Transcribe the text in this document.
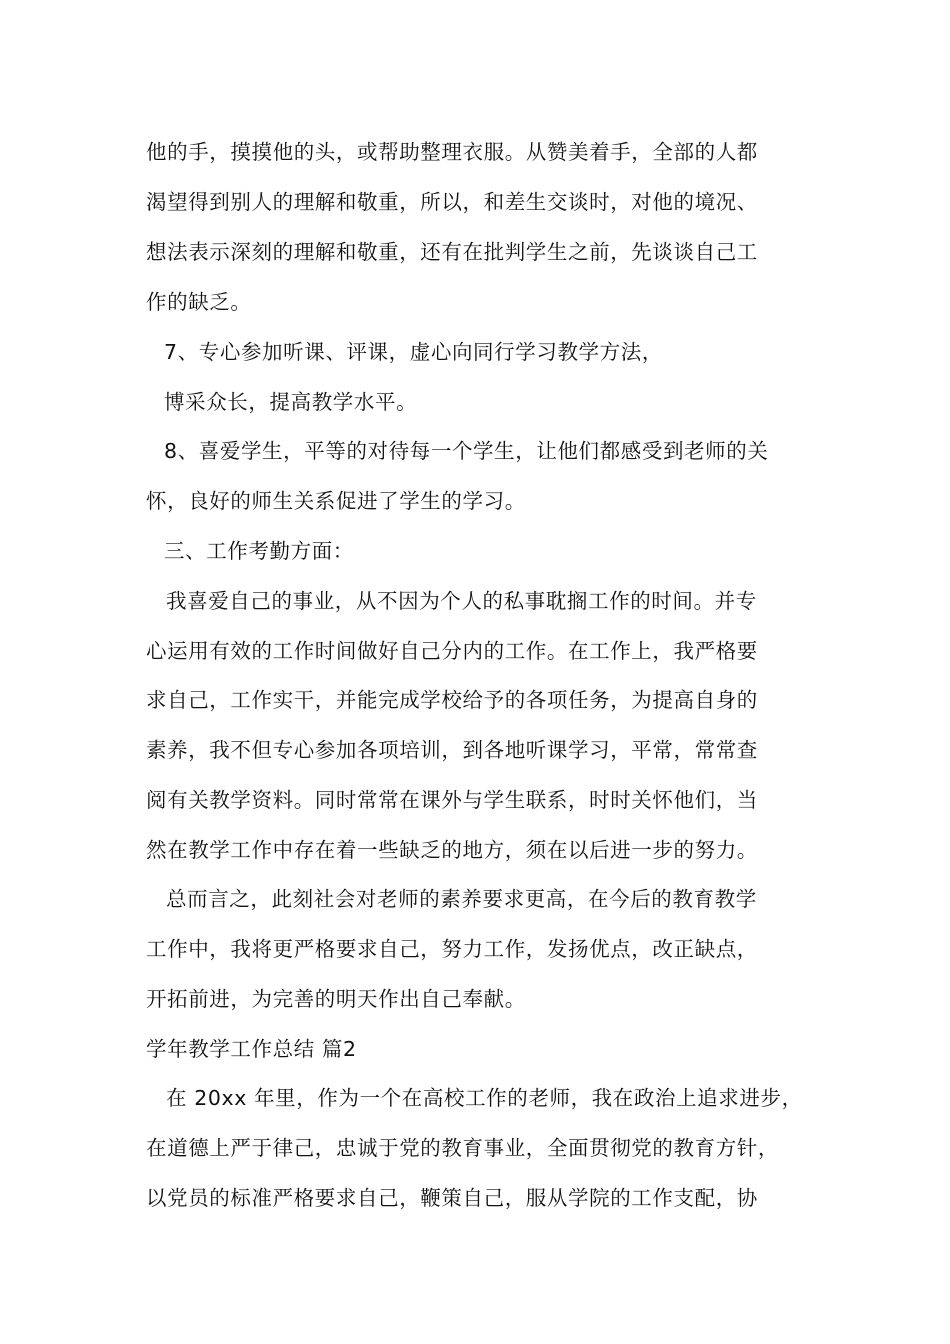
他的手，摸摸他的头，或帮助整理衣服。从赞美着手，全部的人都
渴望得到别人的理解和敬重，所以，和差生交谈时，对他的境况、
想法表示深刻的理解和敬重，还有在批判学生之前，先谈谈自己工
作的缺乏。
7、专心参加听课、评课，虚心向同行学习教学方法，
博采众长，提高教学水平。
8、喜爱学生，平等的对待每一个学生，让他们都感受到老师的关
怀，良好的师生关系促进了学生的学习。
三、工作考勤方面：
我喜爱自己的事业，从不因为个人的私事耽搁工作的时间。并专
心运用有效的工作时间做好自己分内的工作。在工作上，我严格要
求自己，工作实干，并能完成学校给予的各项任务，为提高自身的
素养，我不但专心参加各项培训，到各地听课学习，平常，常常查
阅有关教学资料。同时常常在课外与学生联系，时时关怀他们，当
然在教学工作中存在着一些缺乏的地方，须在以后进一步的努力。
总而言之，此刻社会对老师的素养要求更高，在今后的教育教学
工作中，我将更严格要求自己，努力工作，发扬优点，改正缺点，
开拓前进，为完善的明天作出自己奉献。
学年教学工作总结 篇2
在 20xx 年里，作为一个在高校工作的老师，我在政治上追求进步，
在道德上严于律己，忠诚于党的教育事业，全面贯彻党的教育方针，
以党员的标准严格要求自己，鞭策自己，服从学院的工作支配，协
